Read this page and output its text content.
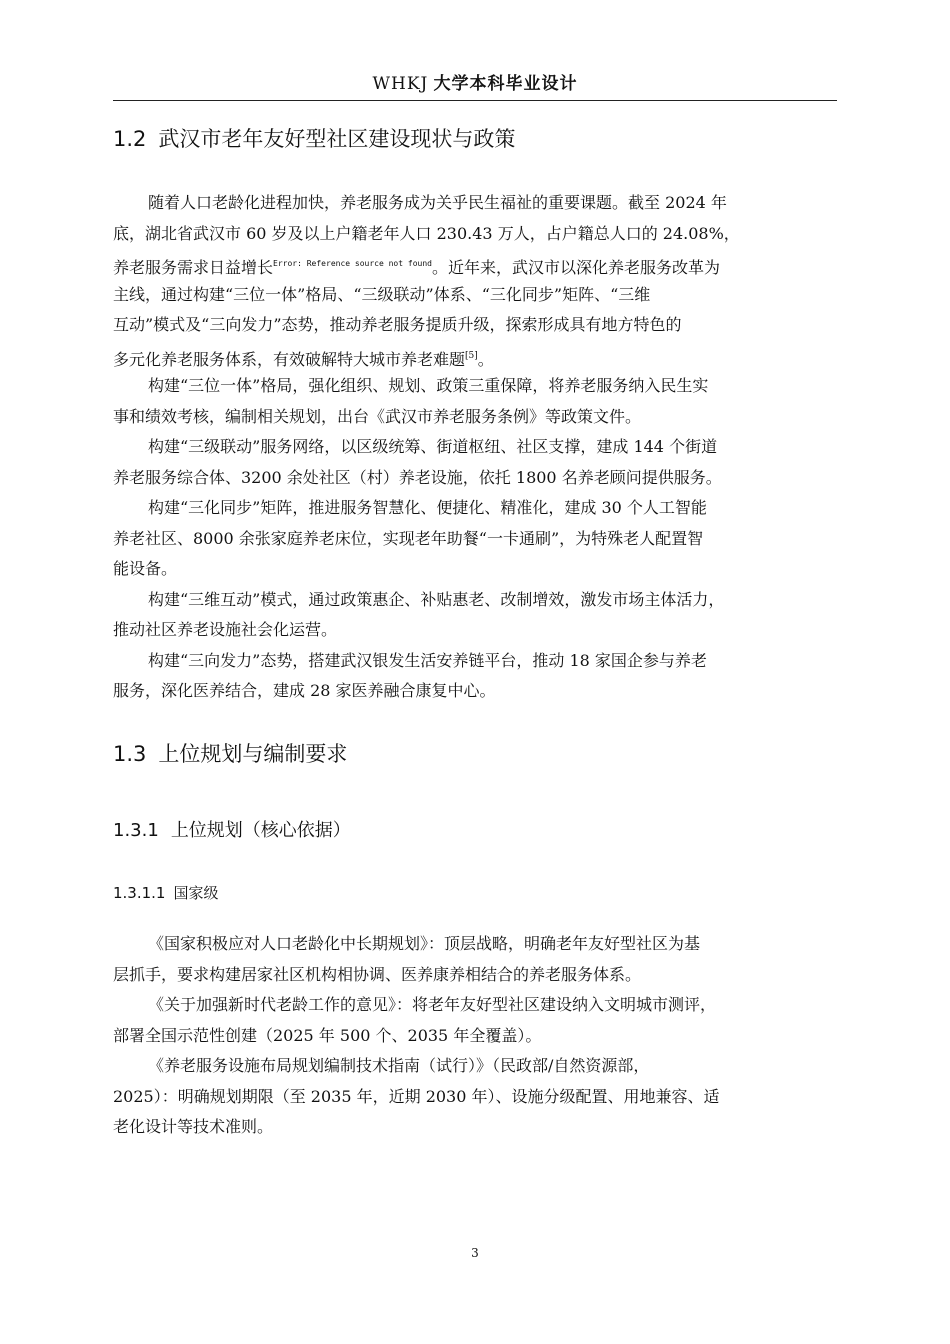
WHKJ 大学本科毕业设计
1.2 武汉市老年友好型社区建设现状与政策
随着人口老龄化进程加快，养老服务成为关乎民生福祉的重要课题。截至 2024 年
底，湖北省武汉市 60 岁及以上户籍老年人口 230.43 万人，占户籍总人口的 24.08%，
养老服务需求日益增长$^{Error: Reference source not found}$。近年来，武汉市以深化养老服务改革为
主线，通过构建“三位一体”格局、“三级联动”体系、“三化同步”矩阵、“三维
互动”模式及“三向发力”态势，推动养老服务提质升级，探索形成具有地方特色的
多元化养老服务体系，有效破解特大城市养老难题[5]。
构建“三位一体”格局，强化组织、规划、政策三重保障，将养老服务纳入民生实
事和绩效考核，编制相关规划，出台《武汉市养老服务条例》等政策文件。
构建“三级联动”服务网络，以区级统筹、街道枢纽、社区支撑，建成 144 个街道
养老服务综合体、3200 余处社区（村）养老设施，依托 1800 名养老顾问提供服务。
构建“三化同步”矩阵，推进服务智慧化、便捷化、精准化，建成 30 个人工智能
养老社区、8000 余张家庭养老床位，实现老年助餐“一卡通刷”，为特殊老人配置智
能设备。
构建“三维互动”模式，通过政策惠企、补贴惠老、改制增效，激发市场主体活力，
推动社区养老设施社会化运营。
构建“三向发力”态势，搭建武汉银发生活安养链平台，推动 18 家国企参与养老
服务，深化医养结合，建成 28 家医养融合康复中心。
1.3 上位规划与编制要求
1.3.1 上位规划（核心依据）
1.3.1.1 国家级
《国家积极应对人口老龄化中长期规划》：顶层战略，明确老年友好型社区为基
层抓手，要求构建居家社区机构相协调、医养康养相结合的养老服务体系。
《关于加强新时代老龄工作的意见》：将老年友好型社区建设纳入文明城市测评，
部署全国示范性创建（2025 年 500 个、2035 年全覆盖）。
《养老服务设施布局规划编制技术指南（试行）》（民政部/自然资源部，
2025）：明确规划期限（至 2035 年，近期 2030 年）、设施分级配置、用地兼容、适
老化设计等技术准则。
3
